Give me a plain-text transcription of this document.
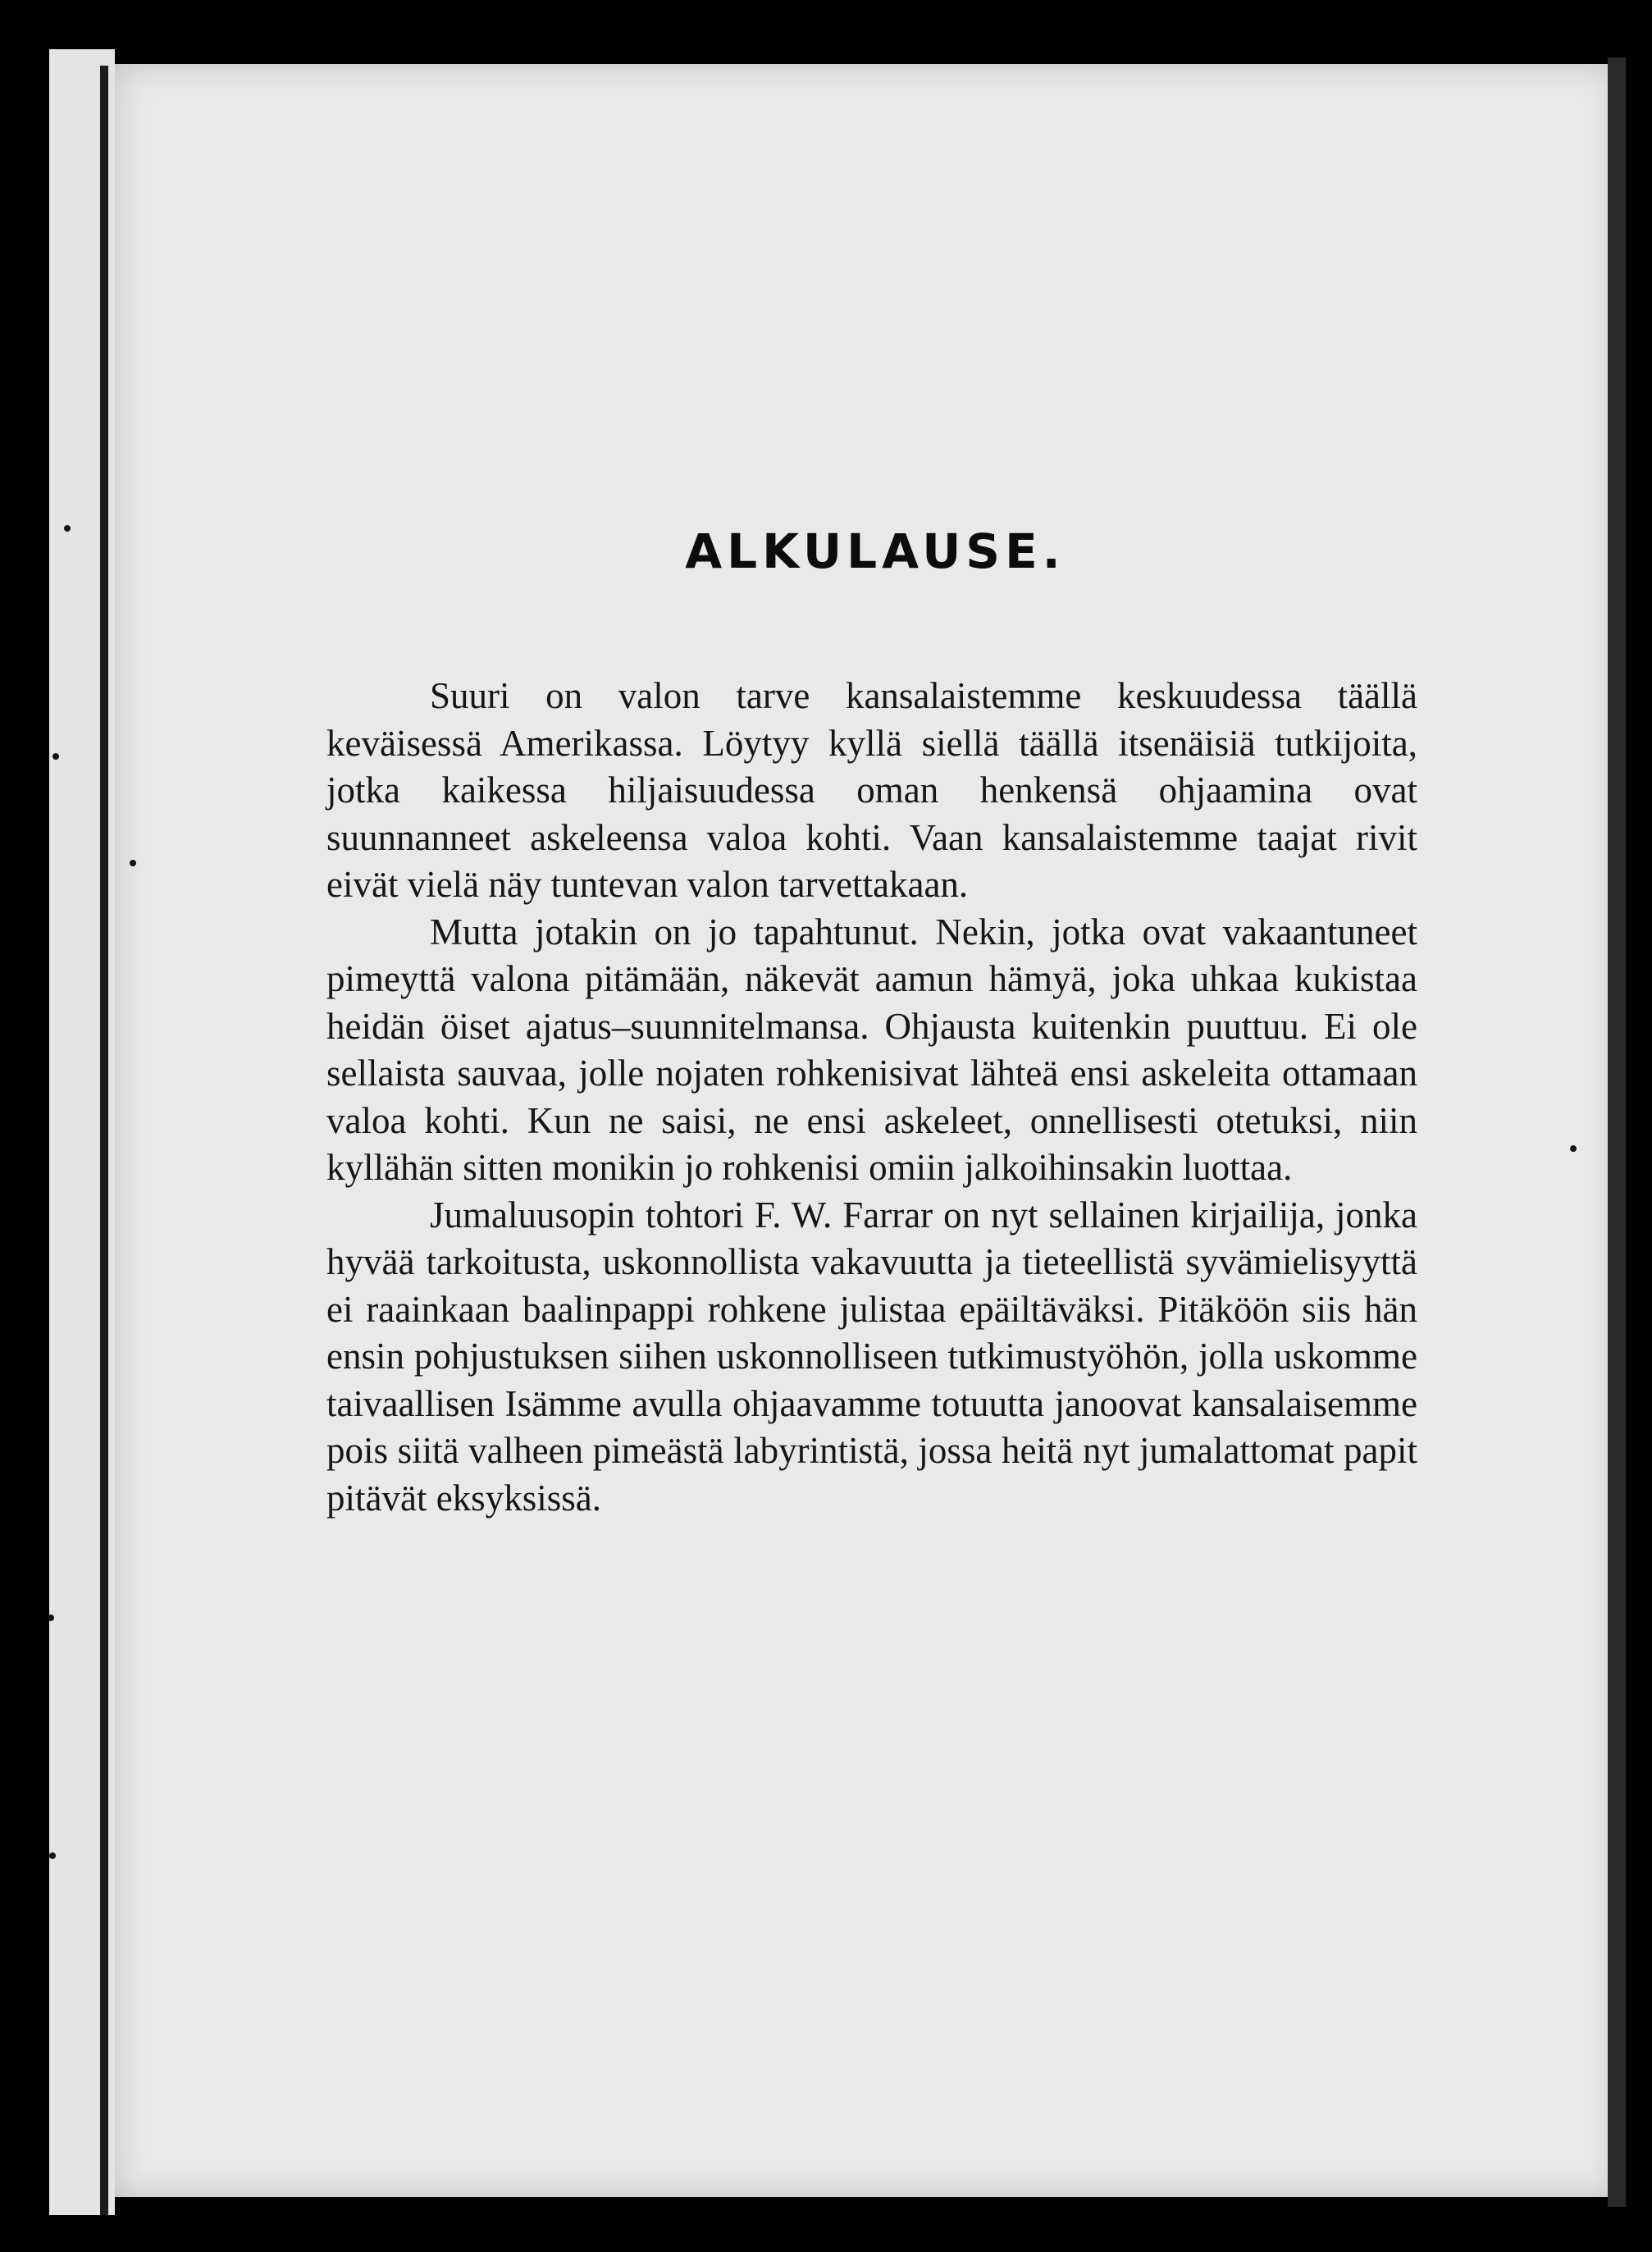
ALKULAUSE.

Suuri on valon tarve kansalaistemme keskuudessa täällä keväisessä Amerikassa. Löytyy kyllä siellä täällä itsenäisiä tutkijoita, jotka kaikessa hiljaisuudessa oman henkensä ohjaamina ovat suunnanneet askeleensa valoa kohti. Vaan kansalaistemme taajat rivit eivät vielä näy tuntevan valon tarvettakaan.

Mutta jotakin on jo tapahtunut. Nekin, jotka ovat vakaantuneet pimeyttä valona pitämään, näkevät aamun hämyä, joka uhkaa kukistaa heidän öiset ajatus–suunnitelmansa. Ohjausta kuitenkin puuttuu. Ei ole sellaista sauvaa, jolle nojaten rohkenisivat lähteä ensi askeleita ottamaan valoa kohti. Kun ne saisi, ne ensi askeleet, onnellisesti otetuksi, niin kyllähän sitten monikin jo rohkenisi omiin jalkoihinsakin luottaa.

Jumaluusopin tohtori F. W. Farrar on nyt sellainen kirjailija, jonka hyvää tarkoitusta, uskonnollista vakavuutta ja tieteellistä syvämielisyyttä ei raainkaan baalinpappi rohkene julistaa epäiltäväksi. Pitäköön siis hän ensin pohjustuksen siihen uskonnolliseen tutkimustyöhön, jolla uskomme taivaallisen Isämme avulla ohjaavamme totuutta janoovat kansalaisemme pois siitä valheen pimeästä labyrintistä, jossa heitä nyt jumalattomat papit pitävät eksyksissä.
